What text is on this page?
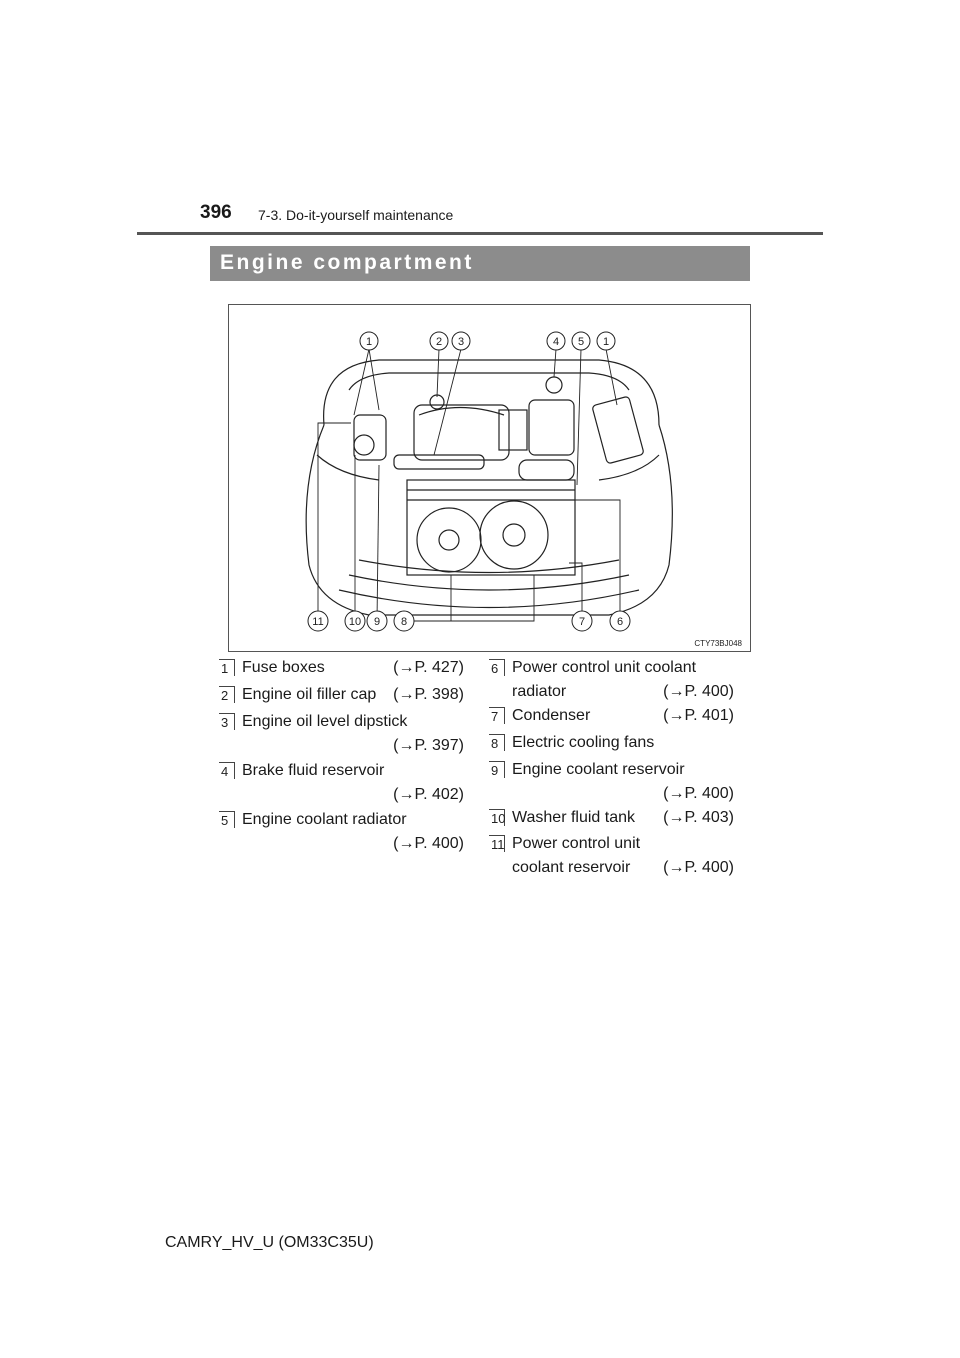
396 7-3. Do-it-yourself maintenance
Engine compartment
1	2 3	4 5 1
11 10 9 8	7	6
CTY73BJ048
1 Fuse boxes	(→P. 427)
2 Engine oil filler cap (→P. 398)
3 Engine oil level dipstick
(→P. 397)
4 Brake fluid reservoir
(→P. 402)
5 Engine coolant radiator
(→P. 400)
6 Power control unit coolant
radiator	(→P. 400)
7 Condenser	(→P. 401)
8 Electric cooling fans
9 Engine coolant reservoir
(→P. 400)
10 Washer fluid tank (→P. 403)
11 Power control unit
coolant reservoir (→P. 400)
CAMRY_HV_U (OM33C35U)
